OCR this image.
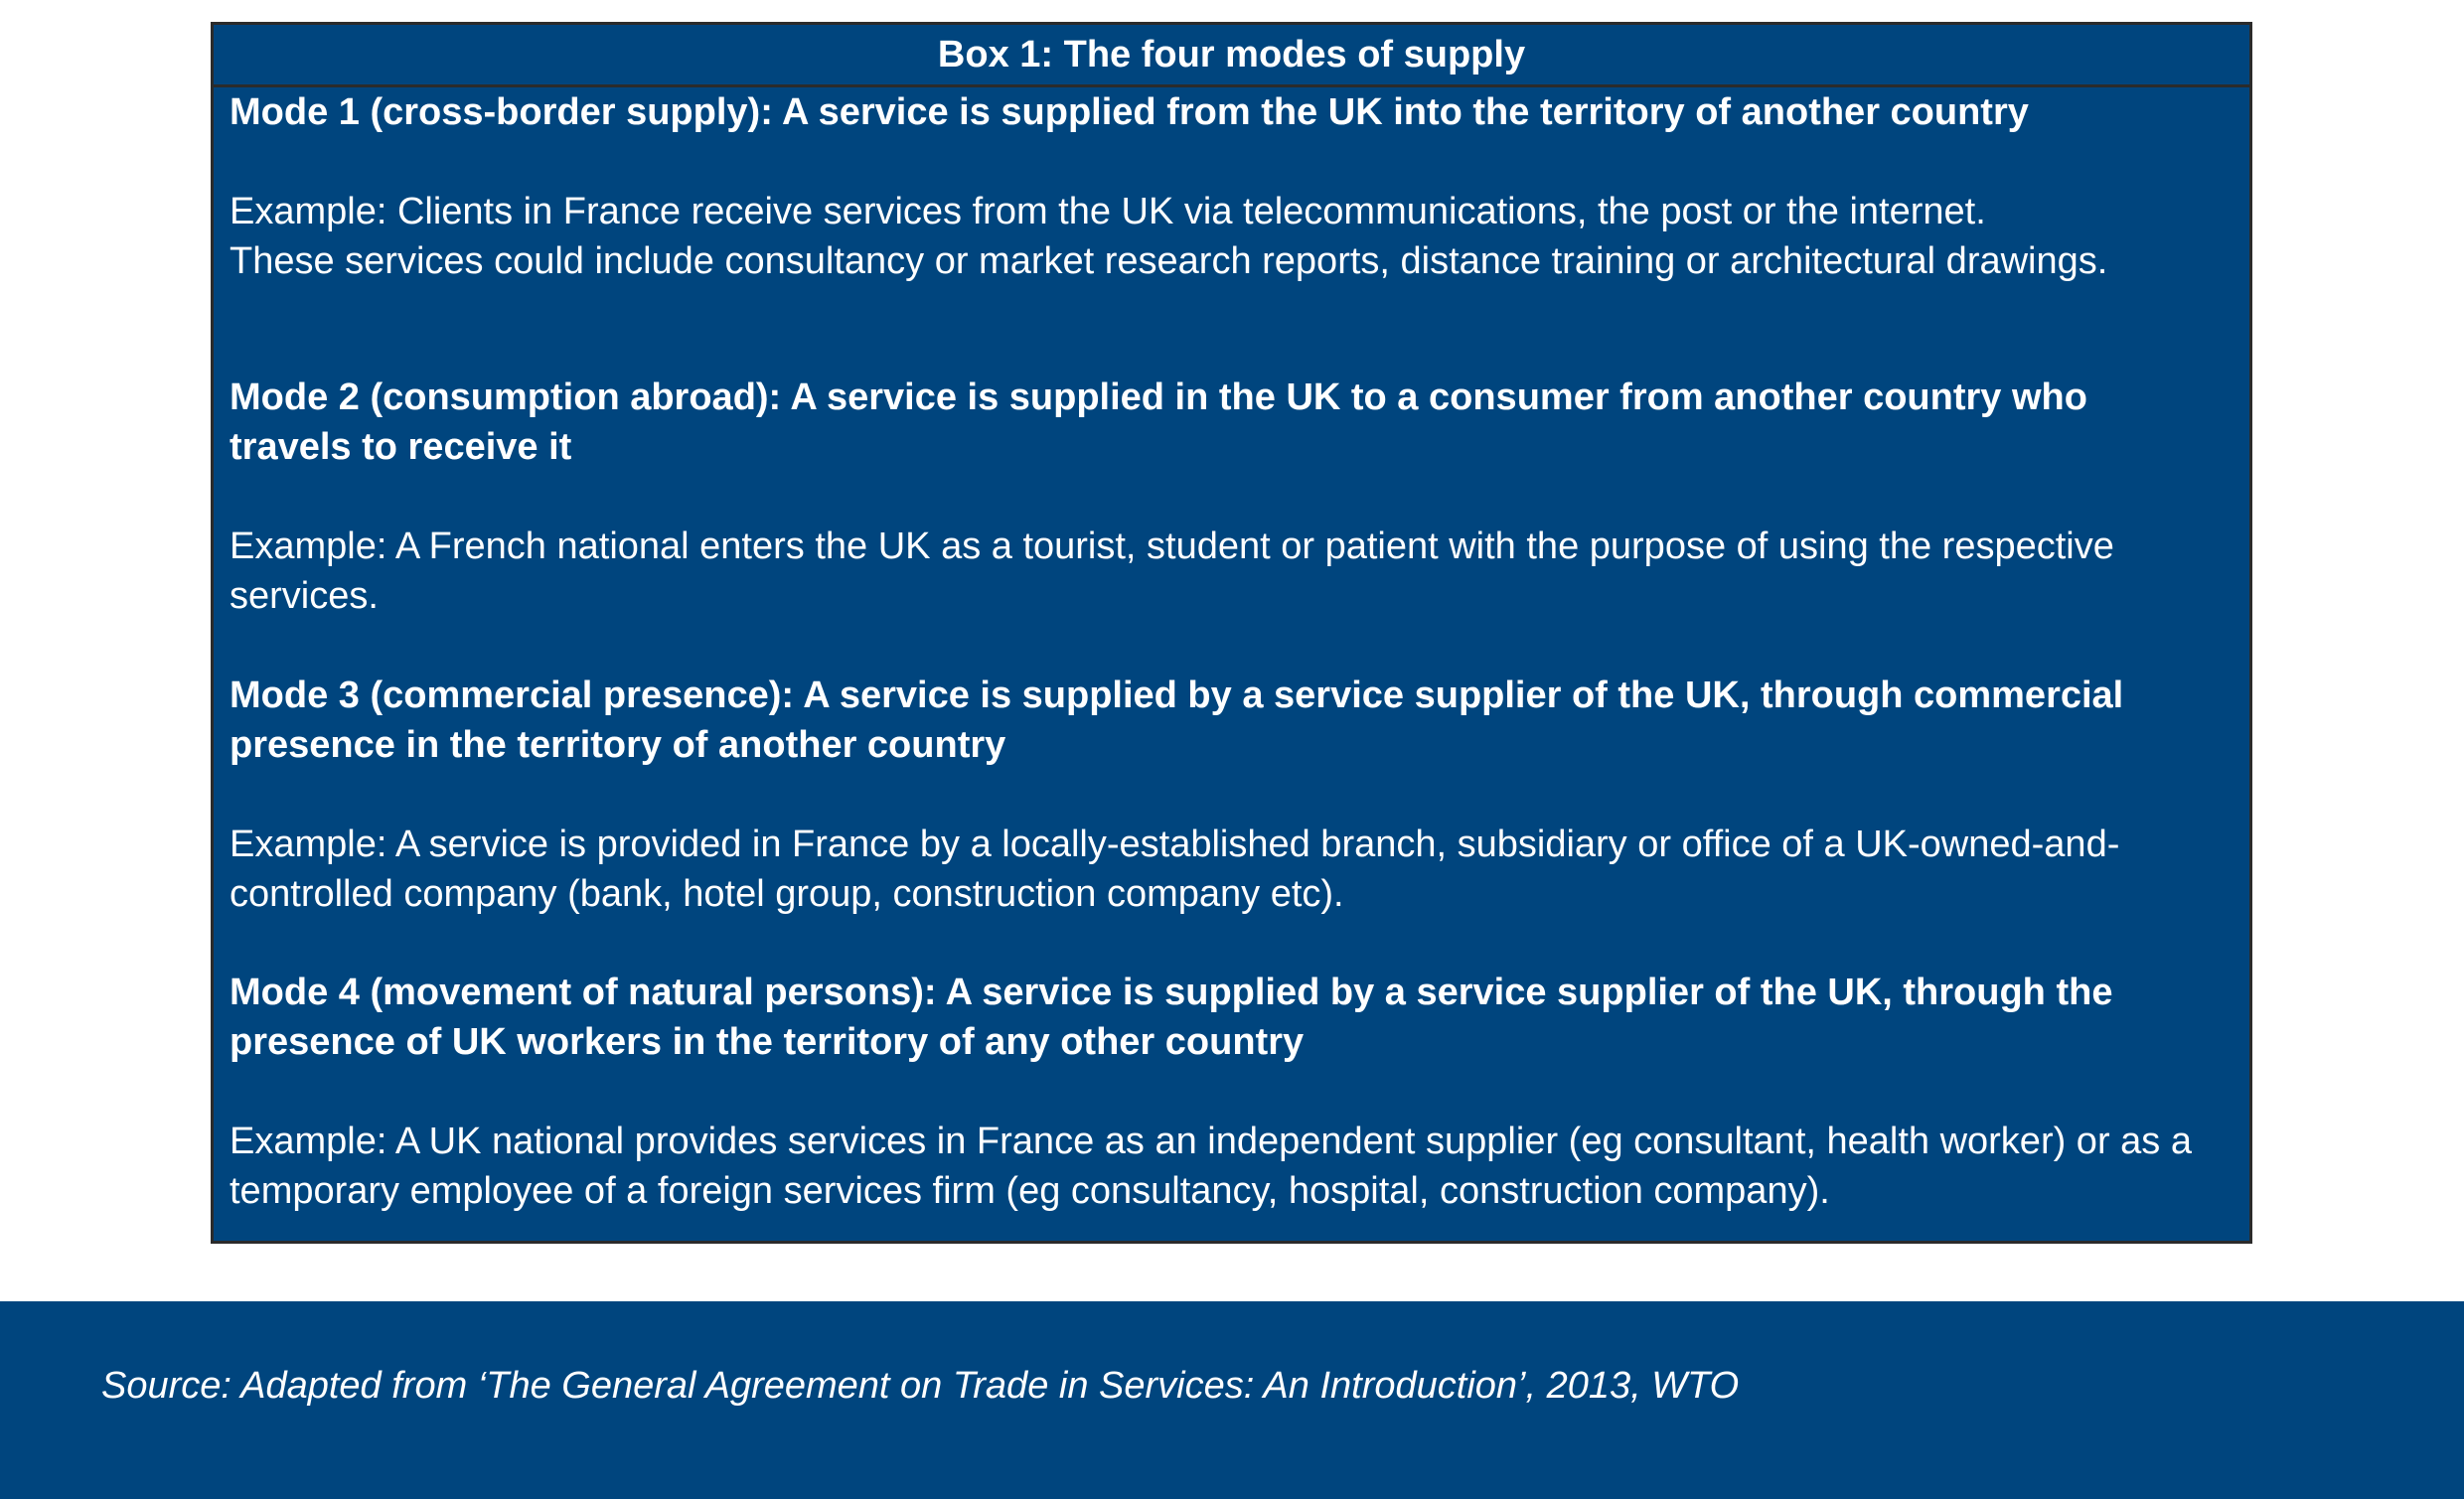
Box 1: The four modes of supply

Mode 1 (cross-border supply): A service is supplied from the UK into the territory of another country

Example: Clients in France receive services from the UK via telecommunications, the post or the internet.
These services could include consultancy or market research reports, distance training or architectural drawings.

Mode 2 (consumption abroad): A service is supplied in the UK to a consumer from another country who travels to receive it

Example: A French national enters the UK as a tourist, student or patient with the purpose of using the respective services.

Mode 3 (commercial presence): A service is supplied by a service supplier of the UK, through commercial presence in the territory of another country

Example: A service is provided in France by a locally-established branch, subsidiary or office of a UK-owned-and-controlled company (bank, hotel group, construction company etc).

Mode 4 (movement of natural persons): A service is supplied by a service supplier of the UK, through the presence of UK workers in the territory of any other country

Example: A UK national provides services in France as an independent supplier (eg consultant, health worker) or as a temporary employee of a foreign services firm (eg consultancy, hospital, construction company).

Source: Adapted from ‘The General Agreement on Trade in Services: An Introduction’, 2013, WTO
